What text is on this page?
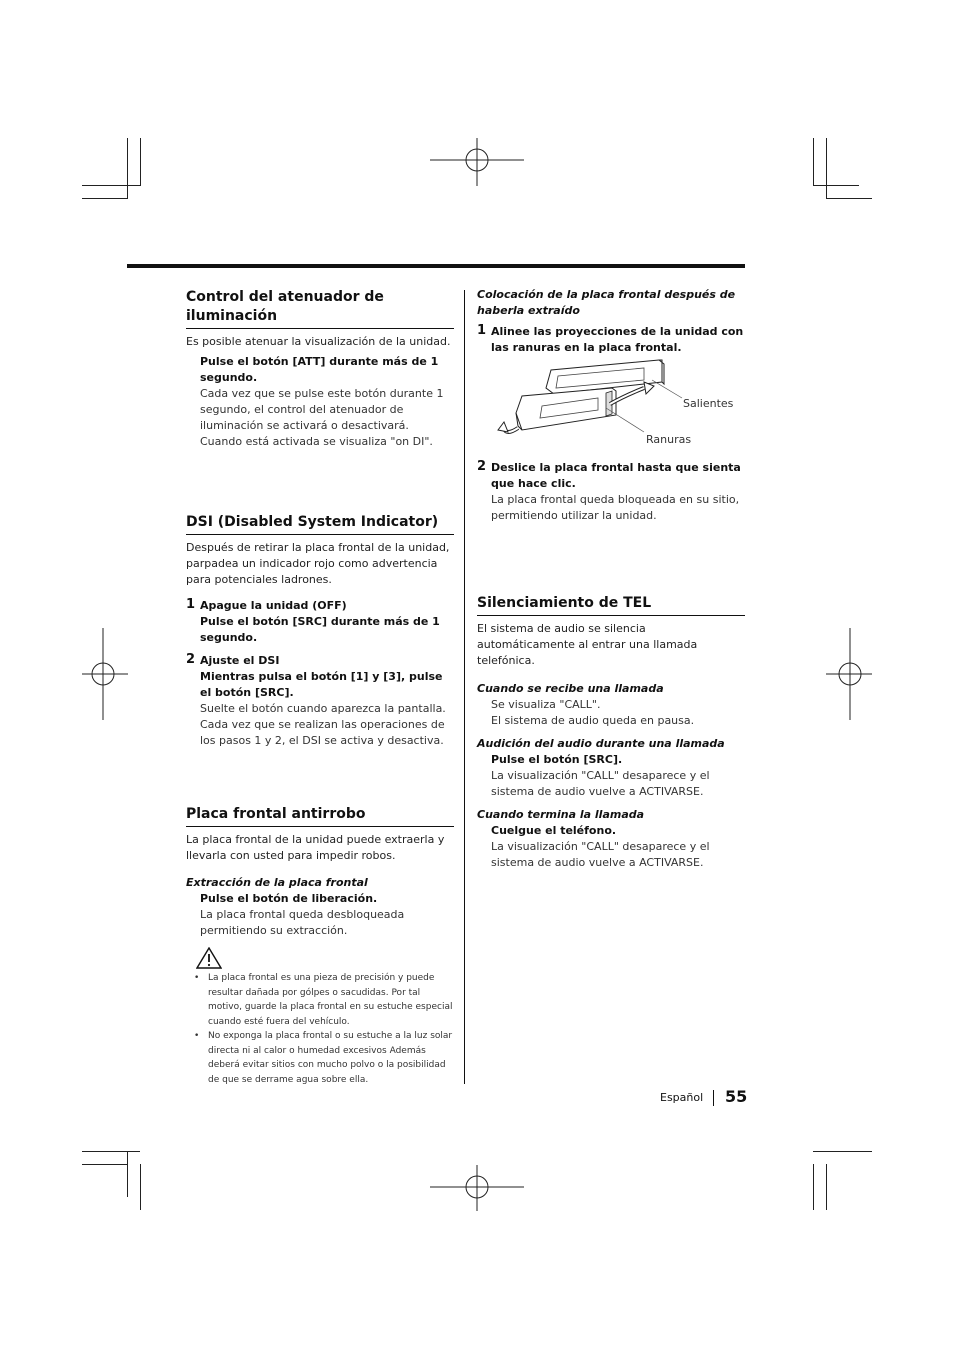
Control del atenuador de iluminación

Es posible atenuar la visualización de la unidad.

Pulse el botón [ATT] durante más de 1 segundo.

Cada vez que se pulse este botón durante 1 segundo, el control del atenuador de iluminación se activará o desactivará.

Cuando está activada se visualiza "on DI".

DSI (Disabled System Indicator)

Después de retirar la placa frontal de la unidad, parpadea un indicador rojo como advertencia para potenciales ladrones.

1 Apague la unidad (OFF)

Pulse el botón [SRC] durante más de 1 segundo.

2 Ajuste el DSI

Mientras pulsa el botón [1] y [3], pulse el botón [SRC].

Suelte el botón cuando aparezca la pantalla.

Cada vez que se realizan las operaciones de los pasos 1 y 2, el DSI se activa y desactiva.

Placa frontal antirrobo

La placa frontal de la unidad puede extraerla y llevarla con usted para impedir robos.

Extracción de la placa frontal

Pulse el botón de liberación.

La placa frontal queda desbloqueada permitiendo su extracción.

• La placa frontal es una pieza de precisión y puede resultar dañada por gólpes o sacudidas. Por tal motivo, guarde la placa frontal en su estuche especial cuando esté fuera del vehículo.
• No exponga la placa frontal o su estuche a la luz solar directa ni al calor o humedad excesivos Además deberá evitar sitios con mucho polvo o la posibilidad de que se derrame agua sobre ella.

Colocación de la placa frontal después de haberla extraído

1 Alinee las proyecciones de la unidad con las ranuras en la placa frontal.

Salientes
Ranuras
2 Deslice la placa frontal hasta que sienta que hace clic.

La placa frontal queda bloqueada en su sitio, permitiendo utilizar la unidad.

Silenciamiento de TEL

El sistema de audio se silencia automáticamente al entrar una llamada telefónica.

Cuando se recibe una llamada

Se visualiza "CALL".

El sistema de audio queda en pausa.

Audición del audio durante una llamada

Pulse el botón [SRC].

La visualización "CALL" desaparece y el sistema de audio vuelve a ACTIVARSE.

Cuando termina la llamada

Cuelgue el teléfono.

La visualización "CALL" desaparece y el sistema de audio vuelve a ACTIVARSE.

Español 55
